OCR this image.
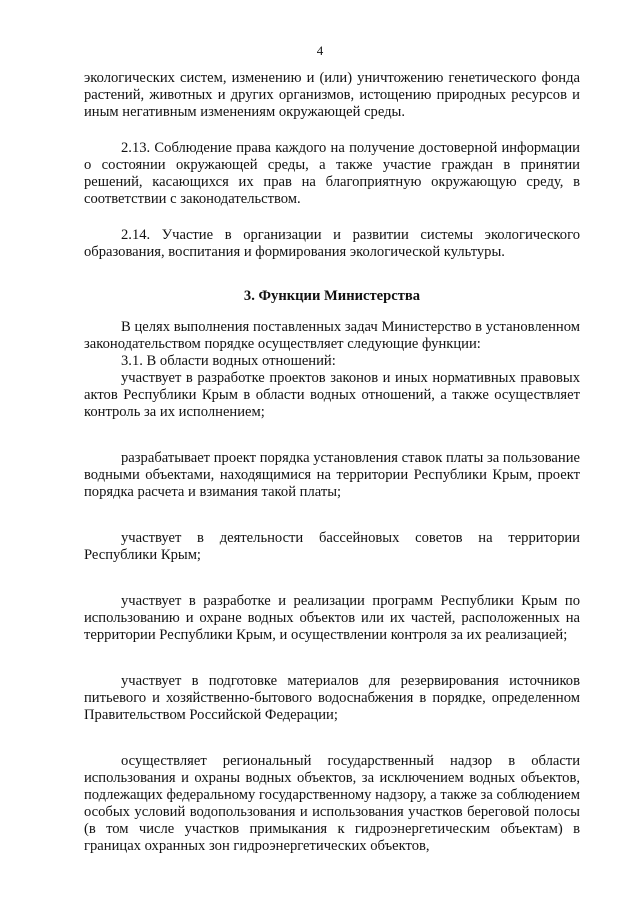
4

экологических систем, изменению и (или) уничтожению генетического фонда растений, животных и других организмов, истощению природных ресурсов и иным негативным изменениям окружающей среды.

2.13. Соблюдение права каждого на получение достоверной информации о состоянии окружающей среды, а также участие граждан в принятии решений, касающихся их прав на благоприятную окружающую среду, в соответствии с законодательством.

2.14. Участие в организации и развитии системы экологического образования, воспитания и формирования экологической культуры.

3. Функции Министерства

В целях выполнения поставленных задач Министерство в установленном законодательством порядке осуществляет следующие функции:

3.1. В области водных отношений:

участвует в разработке проектов законов и иных нормативных правовых актов Республики Крым в области водных отношений, а также осуществляет контроль за их исполнением;

разрабатывает проект порядка установления ставок платы за пользование водными объектами, находящимися на территории Республики Крым, проект порядка расчета и взимания такой платы;

участвует в деятельности бассейновых советов на территории Республики Крым;

участвует в разработке и реализации программ Республики Крым по использованию и охране водных объектов или их частей, расположенных на территории Республики Крым, и осуществлении контроля за их реализацией;

участвует в подготовке материалов для резервирования источников питьевого и хозяйственно-бытового водоснабжения в порядке, определенном Правительством Российской Федерации;

осуществляет региональный государственный надзор в области использования и охраны водных объектов, за исключением водных объектов, подлежащих федеральному государственному надзору, а также за соблюдением особых условий водопользования и использования участков береговой полосы (в том числе участков примыкания к гидроэнергетическим объектам) в границах охранных зон гидроэнергетических объектов,
